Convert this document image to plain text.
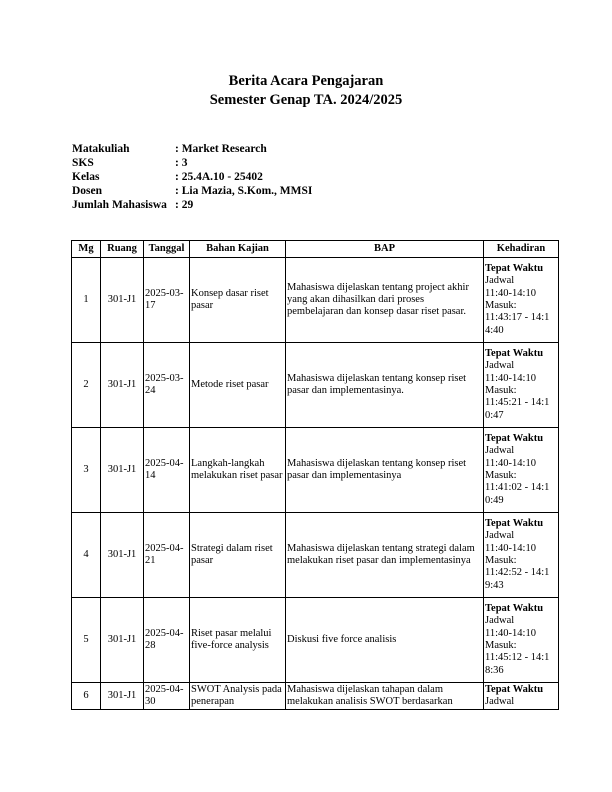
Berita Acara Pengajaran
Semester Genap TA. 2024/2025
Matakuliah	: Market Research
SKS	: 3
Kelas	: 25.4A.10 - 25402
Dosen	: Lia Mazia, S.Kom., MMSI
Jumlah Mahasiswa : 29
Mg	Ruang	Tanggal	Bahan Kajian	BAP	Kehadiran
1	301-J1	2025-03-17	Konsep dasar riset pasar	Mahasiswa dijelaskan tentang project akhir yang akan dihasilkan dari proses pembelajaran dan konsep dasar riset pasar.	Tepat Waktu
Jadwal
11:40-14:10
Masuk:
11:43:17 - 14:14:40
2	301-J1	2025-03-24	Metode riset pasar	Mahasiswa dijelaskan tentang konsep riset pasar dan implementasinya.	Tepat Waktu
Jadwal
11:40-14:10
Masuk:
11:45:21 - 14:10:47
3	301-J1	2025-04-14	Langkah-langkah melakukan riset pasar	Mahasiswa dijelaskan tentang konsep riset pasar dan implementasinya	Tepat Waktu
Jadwal
11:40-14:10
Masuk:
11:41:02 - 14:10:49
4	301-J1	2025-04-21	Strategi dalam riset pasar	Mahasiswa dijelaskan tentang strategi dalam melakukan riset pasar dan implementasinya	Tepat Waktu
Jadwal
11:40-14:10
Masuk:
11:42:52 - 14:19:43
5	301-J1	2025-04-28	Riset pasar melalui five-force analysis	Diskusi five force analisis	Tepat Waktu
Jadwal
11:40-14:10
Masuk:
11:45:12 - 14:18:36
6	301-J1	2025-04-30	SWOT Analysis pada penerapan	Mahasiswa dijelaskan tahapan dalam melakukan analisis SWOT berdasarkan	Tepat Waktu
Jadwal
